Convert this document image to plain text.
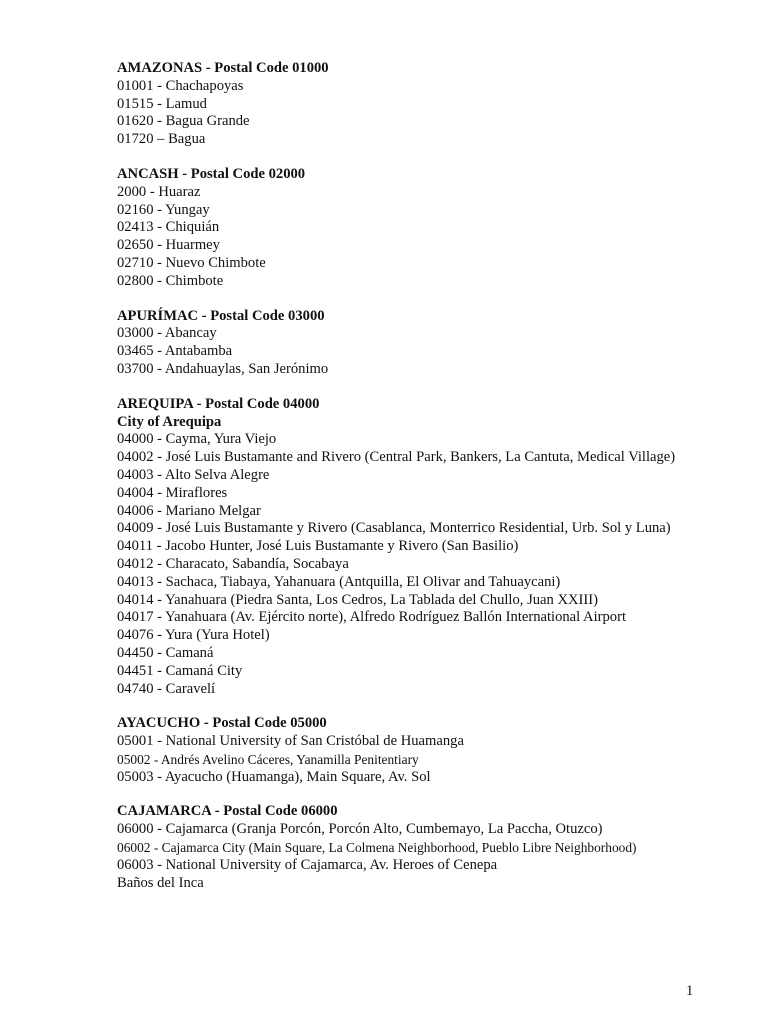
AMAZONAS - Postal Code 01000
01001 - Chachapoyas
01515 - Lamud
01620 - Bagua Grande
01720 – Bagua
ANCASH - Postal Code 02000
2000 - Huaraz
02160 - Yungay
02413 - Chiquián
02650 - Huarmey
02710 - Nuevo Chimbote
02800 - Chimbote
APURÍMAC - Postal Code 03000
03000 - Abancay
03465 - Antabamba
03700 - Andahuaylas, San Jerónimo
AREQUIPA - Postal Code 04000
City of Arequipa
04000 - Cayma, Yura Viejo
04002 - José Luis Bustamante and Rivero (Central Park, Bankers, La Cantuta, Medical Village)
04003 - Alto Selva Alegre
04004 - Miraflores
04006 - Mariano Melgar
04009 - José Luis Bustamante y Rivero (Casablanca, Monterrico Residential, Urb. Sol y Luna)
04011 - Jacobo Hunter, José Luis Bustamante y Rivero (San Basilio)
04012 - Characato, Sabandía, Socabaya
04013 - Sachaca, Tiabaya, Yahanuara (Antquilla, El Olivar and Tahuaycani)
04014 - Yanahuara (Piedra Santa, Los Cedros, La Tablada del Chullo, Juan XXIII)
04017 - Yanahuara (Av. Ejército norte), Alfredo Rodríguez Ballón International Airport
04076 - Yura (Yura Hotel)
04450 - Camaná
04451 - Camaná City
04740 - Caravelí
AYACUCHO - Postal Code 05000
05001 - National University of San Cristóbal de Huamanga
05002 - Andrés Avelino Cáceres, Yanamilla Penitentiary
05003 - Ayacucho (Huamanga), Main Square, Av. Sol
CAJAMARCA - Postal Code 06000
06000 - Cajamarca (Granja Porcón, Porcón Alto, Cumbemayo, La Paccha, Otuzco)
06002 - Cajamarca City (Main Square, La Colmena Neighborhood, Pueblo Libre Neighborhood)
06003 - National University of Cajamarca, Av. Heroes of Cenepa
Baños del Inca
1
